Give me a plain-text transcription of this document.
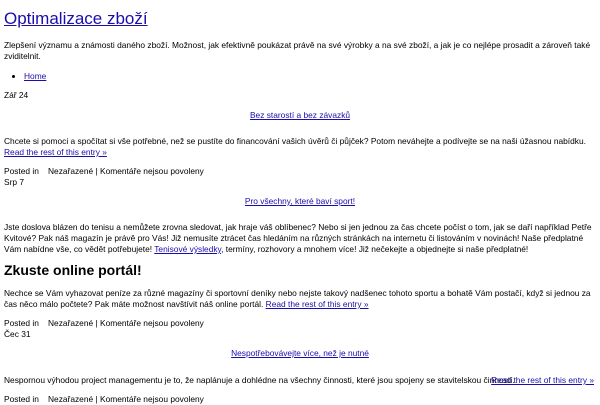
Optimalizace zboží
Zlepšení významu a známosti daného zboží. Možnost, jak efektivně poukázat právě na své výrobky a na své zboží, a jak je co nejlépe prosadit a zároveň také zviditelnit.
• Home
Zář 24
Bez starostí a bez závazků
Chcete si pomoci a spočítat si vše potřebné, než se pustíte do financování vašich úvěrů či půjček? Potom neváhejte a podívejte se na naši úžasnou nabídku. Read the rest of this entry »
Posted in Nezařazené | Komentáře nejsou povoleny
Srp 7
Pro všechny, které baví sport!
Jste doslova blázen do tenisu a nemůžete zrovna sledovat, jak hraje váš oblíbenec? Nebo si jen jednou za čas chcete počíst o tom, jak se daří například Petře Kvitové? Pak náš magazín je právě pro Vás! Již nemusíte ztrácet čas hledáním na různých stránkách na internetu či listováním v novinách! Naše předplatné Vám nabídne vše, co vědět potřebujete! Tenisové výsledky, termíny, rozhovory a mnohem více! Již nečekejte a objednejte si naše předplatné!
Zkuste online portál!
Nechce se Vám vyhazovat peníze za různé magazíny či sportovní deníky nebo nejste takový nadšenec tohoto sportu a bohatě Vám postačí, když si jednou za čas něco málo počtete? Pak máte možnost navštívit náš online portál. Read the rest of this entry »
Posted in Nezařazené | Komentáře nejsou povoleny
Čec 31
Nespotřebovávejte více, než je nutné
Nespornou výhodou project managementu je to, že naplánuje a dohlédne na všechny činnosti, které jsou spojeny se stavitelskou činností.
Read the rest of this entry »
Posted in Nezařazené | Komentáře nejsou povoleny
